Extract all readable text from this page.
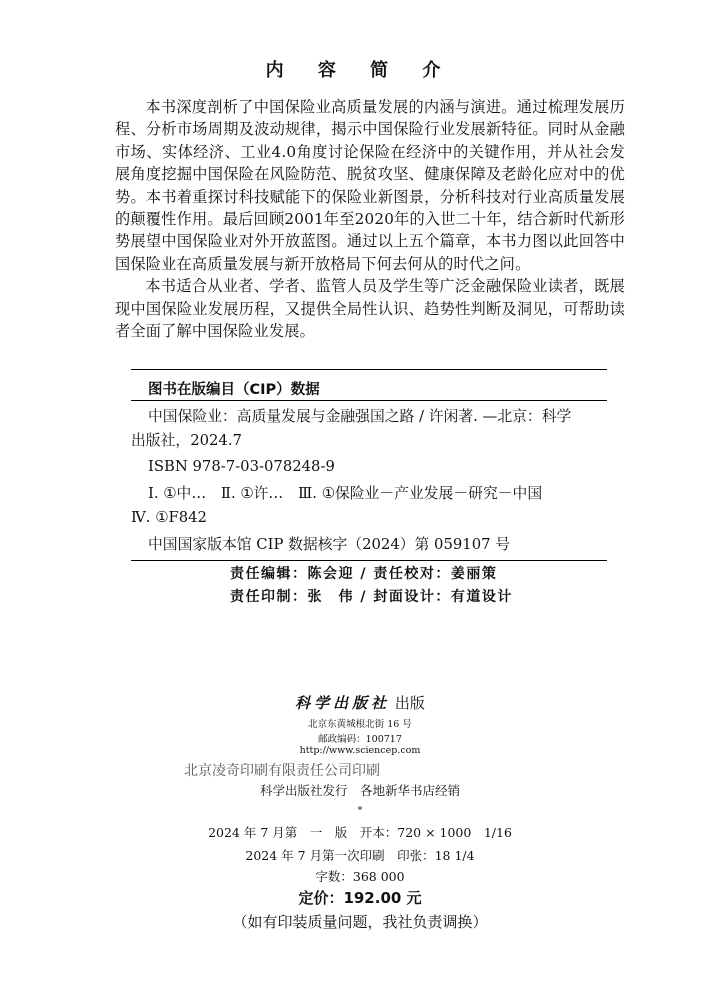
内 容 简 介

本书深度剖析了中国保险业高质量发展的内涵与演进。通过梳理发展历程、分析市场周期及波动规律，揭示中国保险行业发展新特征。同时从金融市场、实体经济、工业4.0角度讨论保险在经济中的关键作用，并从社会发展角度挖掘中国保险在风险防范、脱贫攻坚、健康保障及老龄化应对中的优势。本书着重探讨科技赋能下的保险业新图景，分析科技对行业高质量发展的颠覆性作用。最后回顾2001年至2020年的入世二十年，结合新时代新形势展望中国保险业对外开放蓝图。通过以上五个篇章，本书力图以此回答中国保险业在高质量发展与新开放格局下何去何从的时代之问。

本书适合从业者、学者、监管人员及学生等广泛金融保险业读者，既展现中国保险业发展历程，又提供全局性认识、趋势性判断及洞见，可帮助读者全面了解中国保险业发展。

图书在版编目（CIP）数据
中国保险业：高质量发展与金融强国之路 / 许闲著. —北京：科学
出版社，2024.7
ISBN 978-7-03-078248-9
Ⅰ. ①中…　Ⅱ. ①许…　Ⅲ. ①保险业－产业发展－研究－中国
Ⅳ. ①F842
中国国家版本馆 CIP 数据核字（2024）第 059107 号
责任编辑：陈会迎 / 责任校对：姜丽策
责任印制：张　伟 / 封面设计：有道设计
科学出版社 出版
北京东黄城根北街 16 号
邮政编码：100717
http://www.sciencep.com
北京凌奇印刷有限责任公司印刷
科学出版社发行　各地新华书店经销
*
2024 年 7 月第　一　版　开本：720 × 1000　1/16
2024 年 7 月第一次印刷　印张：18 1/4
字数：368 000
定价：192.00 元
（如有印装质量问题，我社负责调换）
